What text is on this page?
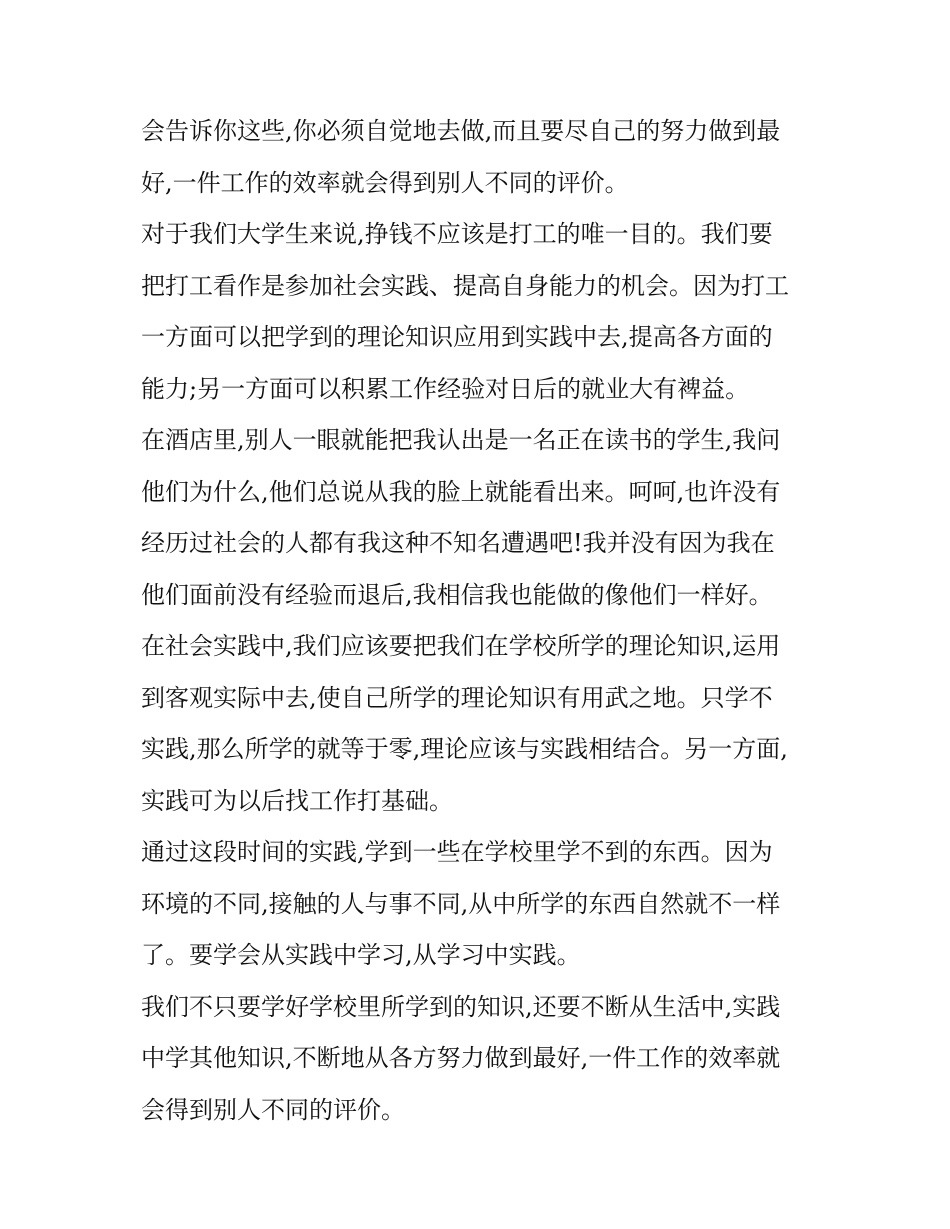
会告诉你这些,你必须自觉地去做,而且要尽自己的努力做到最
好,一件工作的效率就会得到别人不同的评价。
对于我们大学生来说,挣钱不应该是打工的唯一目的。我们要
把打工看作是参加社会实践、提高自身能力的机会。因为打工
一方面可以把学到的理论知识应用到实践中去,提高各方面的
能力;另一方面可以积累工作经验对日后的就业大有裨益。
在酒店里,别人一眼就能把我认出是一名正在读书的学生,我问
他们为什么,他们总说从我的脸上就能看出来。呵呵,也许没有
经历过社会的人都有我这种不知名遭遇吧!我并没有因为我在
他们面前没有经验而退后,我相信我也能做的像他们一样好。
在社会实践中,我们应该要把我们在学校所学的理论知识,运用
到客观实际中去,使自己所学的理论知识有用武之地。只学不
实践,那么所学的就等于零,理论应该与实践相结合。另一方面,
实践可为以后找工作打基础。
通过这段时间的实践,学到一些在学校里学不到的东西。因为
环境的不同,接触的人与事不同,从中所学的东西自然就不一样
了。要学会从实践中学习,从学习中实践。
我们不只要学好学校里所学到的知识,还要不断从生活中,实践
中学其他知识,不断地从各方努力做到最好,一件工作的效率就
会得到别人不同的评价。
